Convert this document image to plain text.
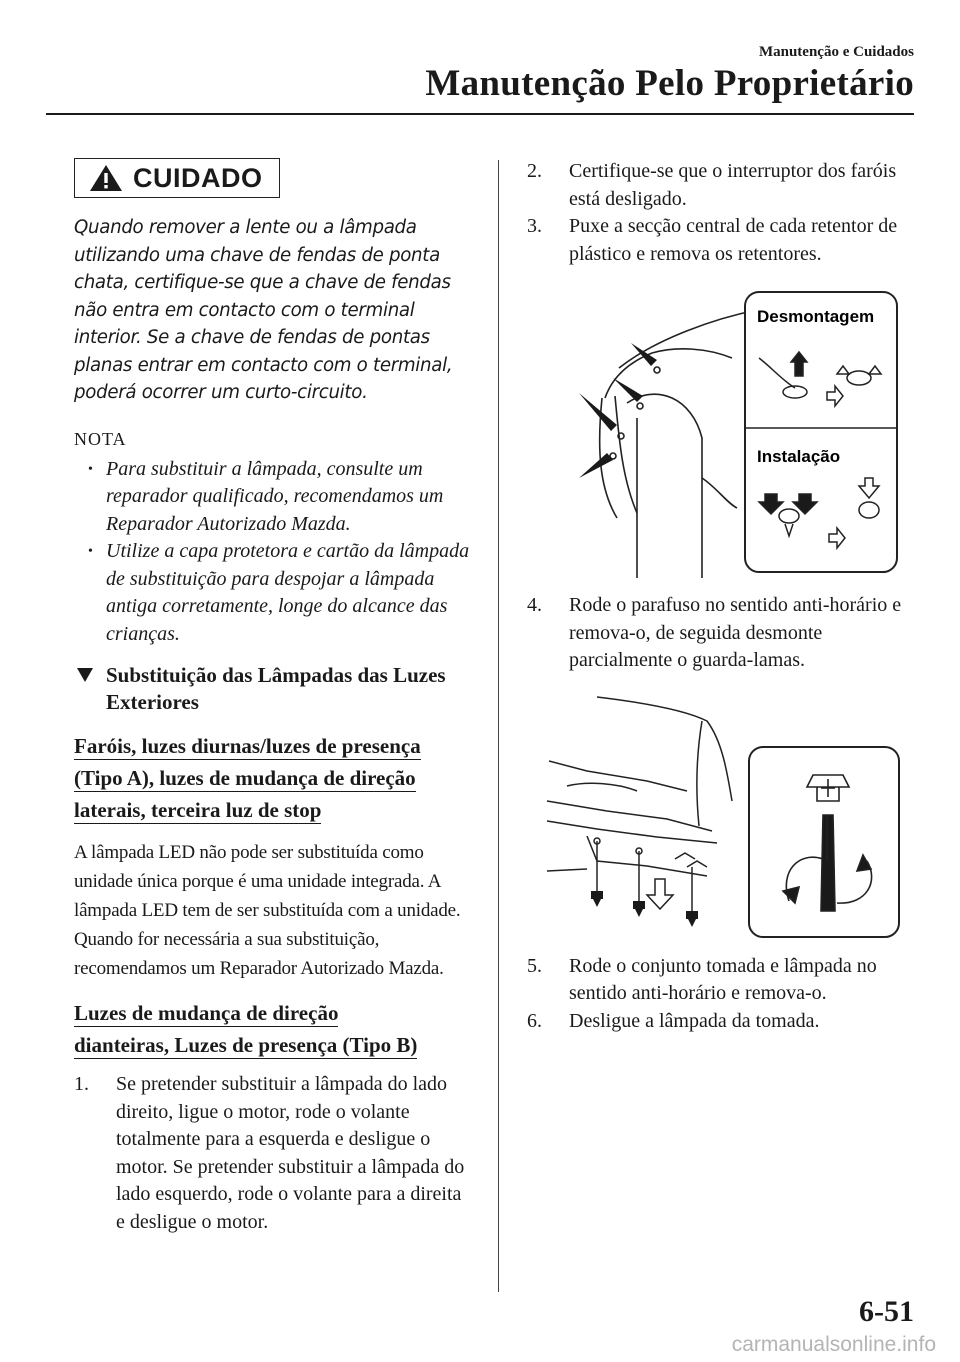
Manutenção e Cuidados
Manutenção Pelo Proprietário
CUIDADO
Quando remover a lente ou a lâmpada utilizando uma chave de fendas de ponta chata, certifique-se que a chave de fendas não entra em contacto com o terminal interior. Se a chave de fendas de pontas planas entrar em contacto com o terminal, poderá ocorrer um curto-circuito.
NOTA
• Para substituir a lâmpada, consulte um reparador qualificado, recomendamos um Reparador Autorizado Mazda.
• Utilize a capa protetora e cartão da lâmpada de substituição para despojar a lâmpada antiga corretamente, longe do alcance das crianças.
Substituição das Lâmpadas das Luzes Exteriores
Faróis, luzes diurnas/luzes de presença
(Tipo A), luzes de mudança de direção
laterais, terceira luz de stop
A lâmpada LED não pode ser substituída como unidade única porque é uma unidade integrada. A lâmpada LED tem de ser substituída com a unidade. Quando for necessária a sua substituição, recomendamos um Reparador Autorizado Mazda.
Luzes de mudança de direção
dianteiras, Luzes de presença (Tipo B)
1. Se pretender substituir a lâmpada do lado direito, ligue o motor, rode o volante totalmente para a esquerda e desligue o motor. Se pretender substituir a lâmpada do lado esquerdo, rode o volante para a direita e desligue o motor.
2. Certifique-se que o interruptor dos faróis está desligado.
3. Puxe a secção central de cada retentor de plástico e remova os retentores.
Desmontagem
Instalação
4. Rode o parafuso no sentido anti-horário e remova-o, de seguida desmonte parcialmente o guarda-lamas.
5. Rode o conjunto tomada e lâmpada no sentido anti-horário e remova-o.
6. Desligue a lâmpada da tomada.
6-51
carmanualsonline.info
